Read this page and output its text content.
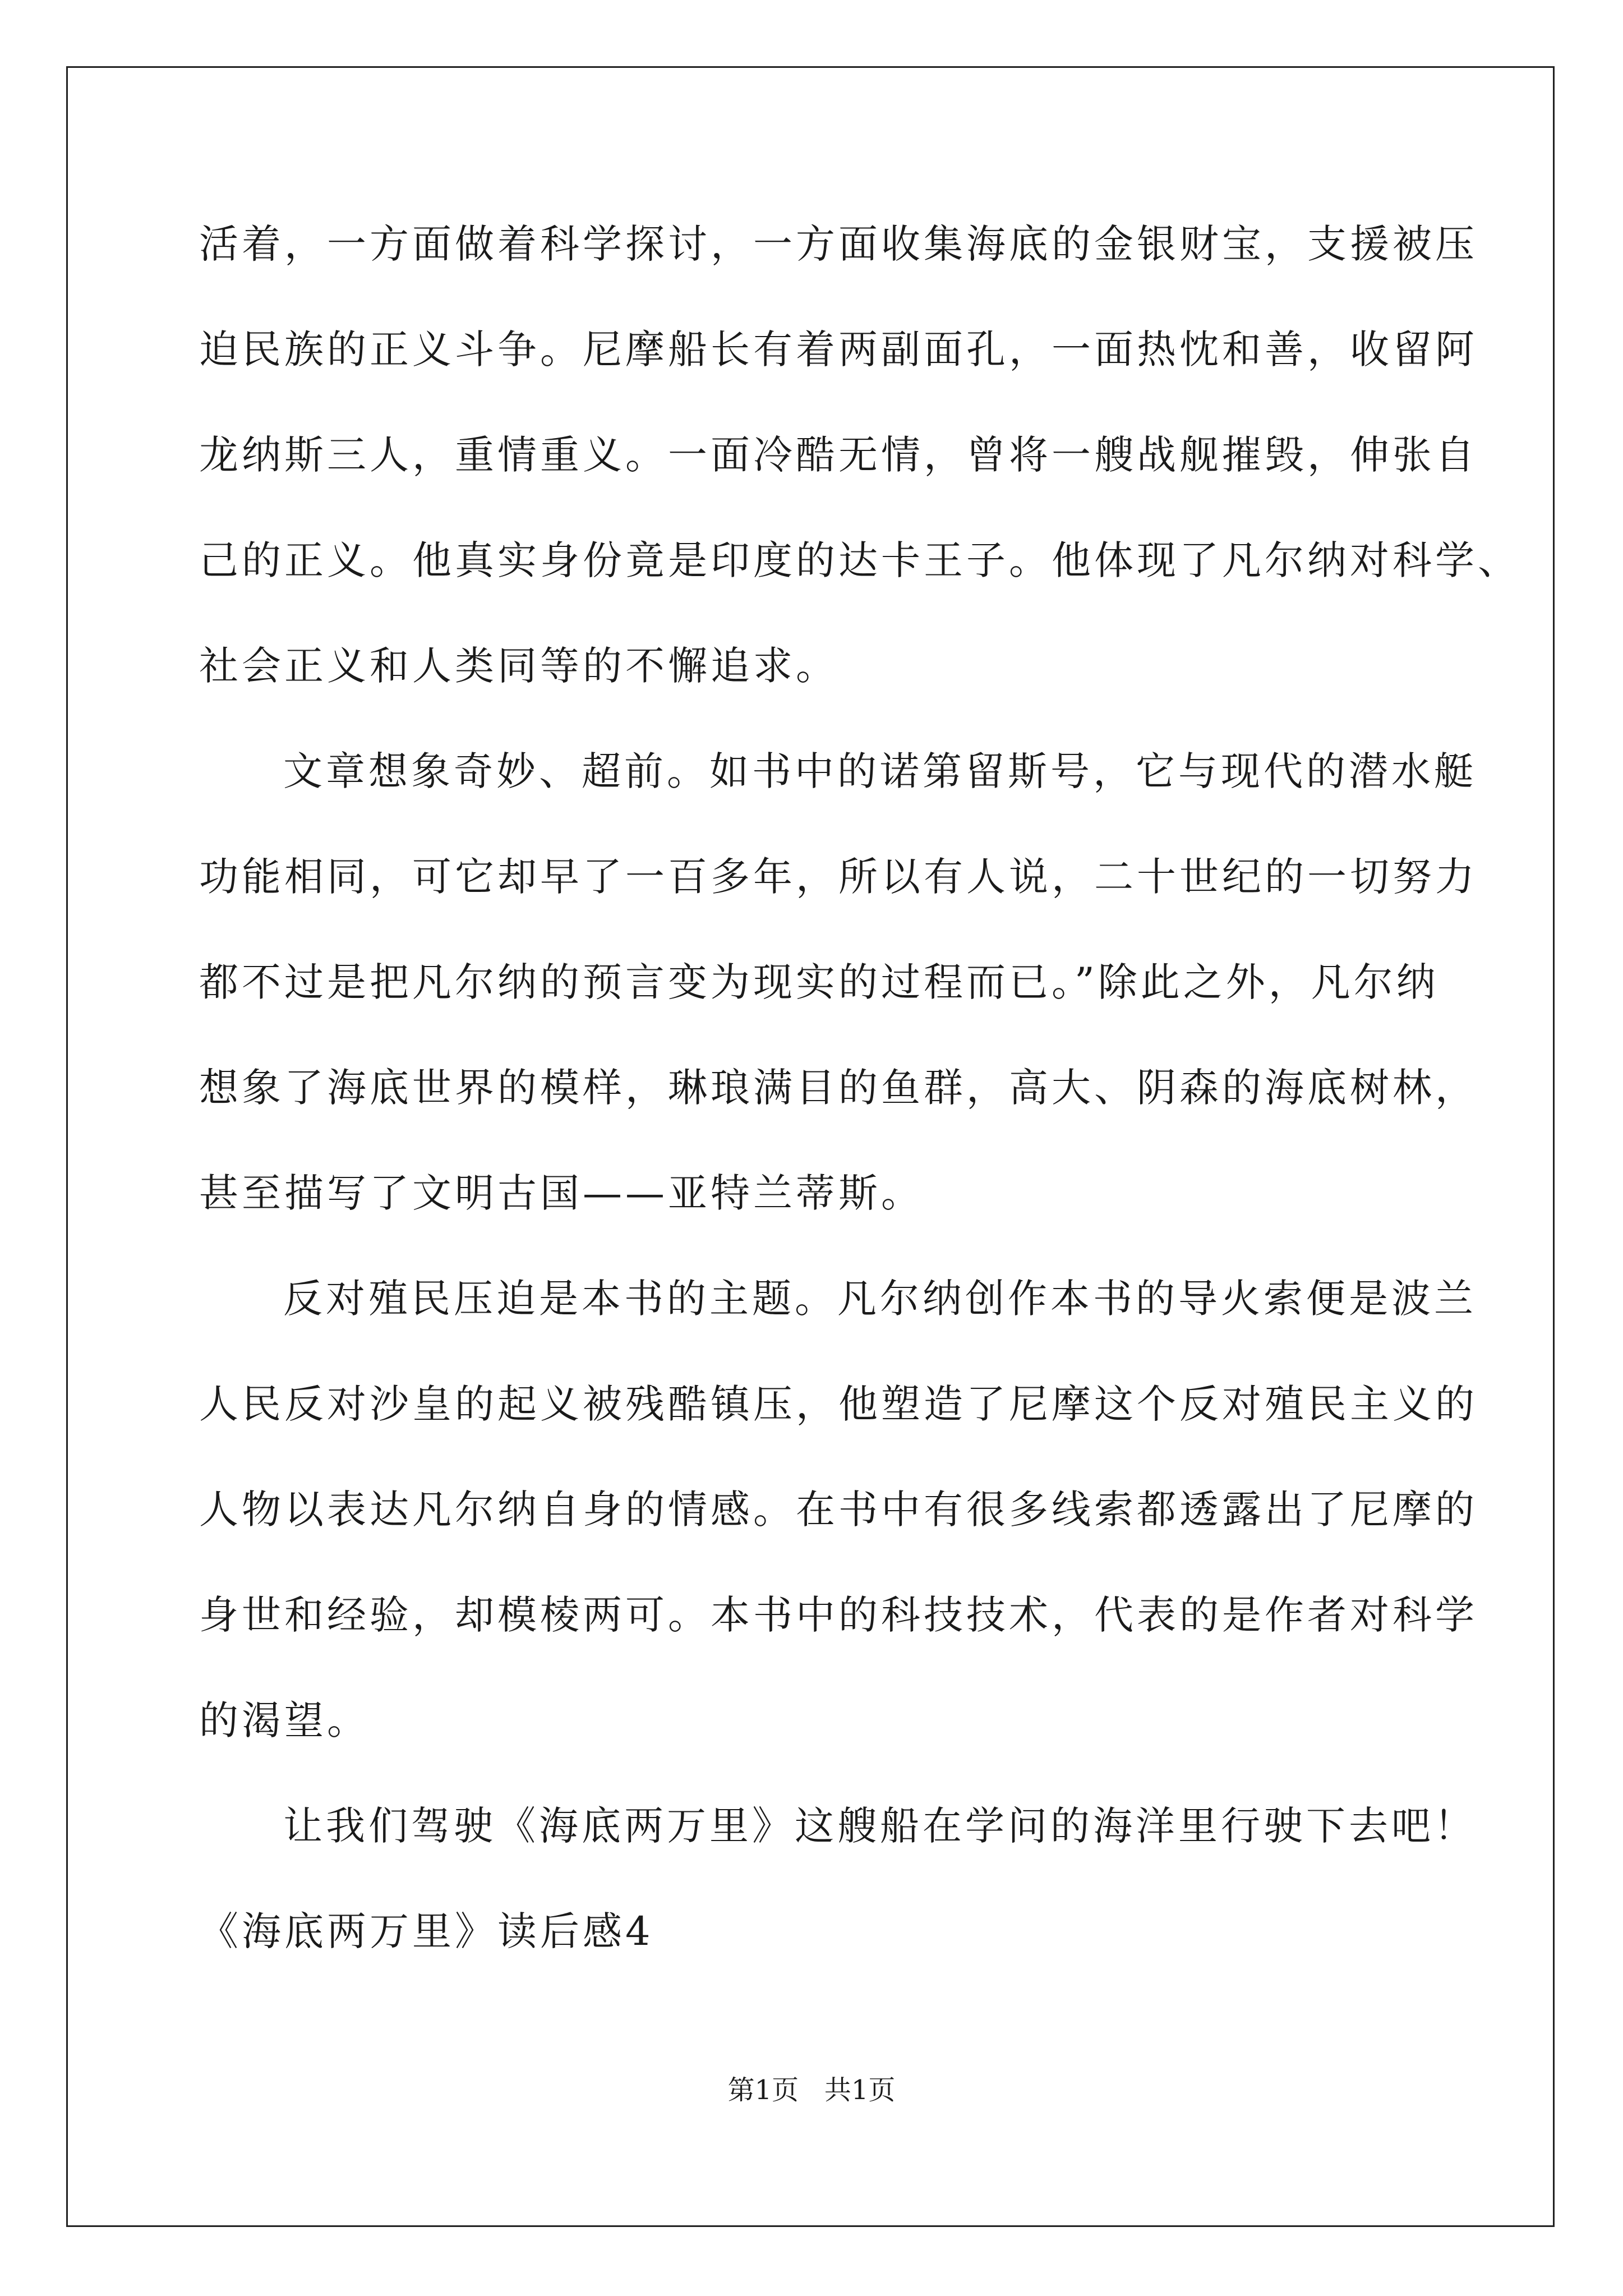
活着，一方面做着科学探讨，一方面收集海底的金银财宝，支援被压
迫民族的正义斗争。尼摩船长有着两副面孔，一面热忱和善，收留阿
龙纳斯三人，重情重义。一面冷酷无情，曾将一艘战舰摧毁，伸张自
己的正义。他真实身份竟是印度的达卡王子。他体现了凡尔纳对科学、
社会正义和人类同等的不懈追求。
文章想象奇妙、超前。如书中的诺第留斯号，它与现代的潜水艇
功能相同，可它却早了一百多年，所以有人说，二十世纪的一切努力
都不过是把凡尔纳的预言变为现实的过程而已。”除此之外，凡尔纳
想象了海底世界的模样，琳琅满目的鱼群，高大、阴森的海底树林，
甚至描写了文明古国——亚特兰蒂斯。
反对殖民压迫是本书的主题。凡尔纳创作本书的导火索便是波兰
人民反对沙皇的起义被残酷镇压，他塑造了尼摩这个反对殖民主义的
人物以表达凡尔纳自身的情感。在书中有很多线索都透露出了尼摩的
身世和经验，却模棱两可。本书中的科技技术，代表的是作者对科学
的渴望。
让我们驾驶《海底两万里》这艘船在学问的海洋里行驶下去吧！
《海底两万里》读后感4
第1页   共1页
